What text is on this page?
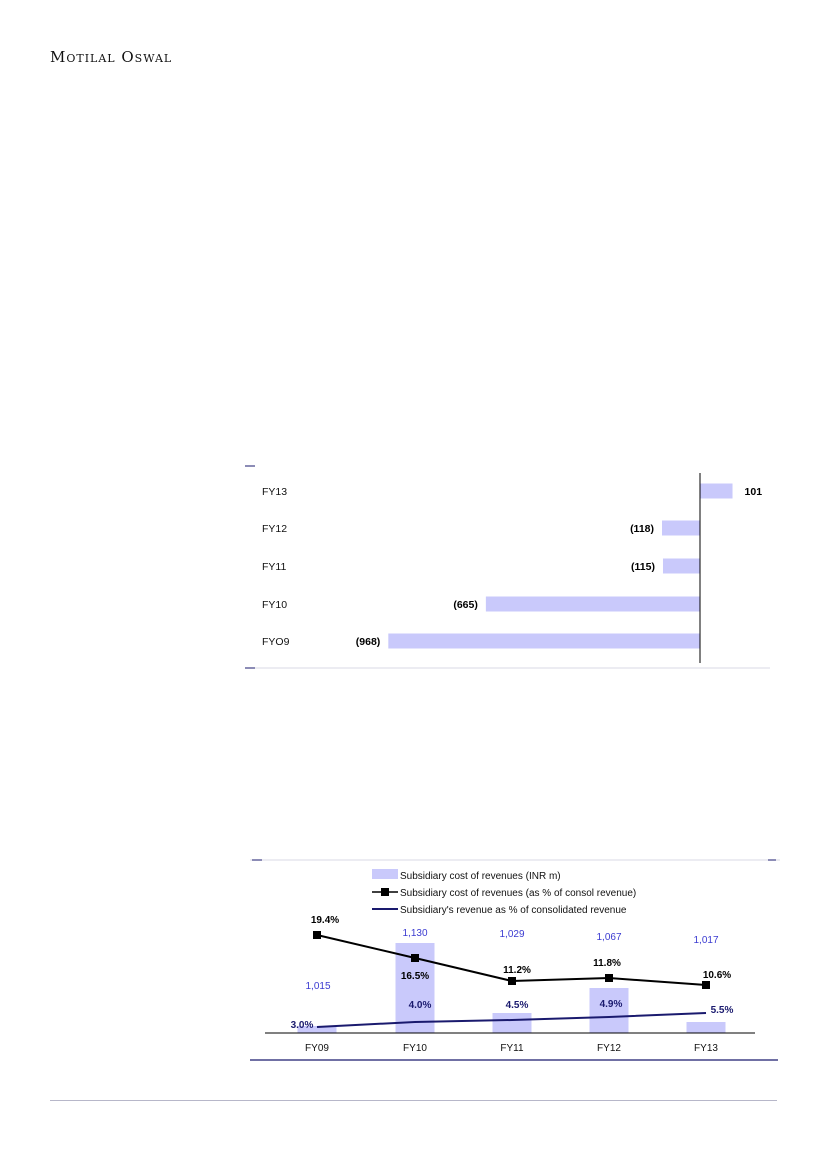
Motilal Oswal
FYO9
FY10
FY11
FY12
FY13
(968)
(665)
(115)
(118)
101
Subsidiary cost of revenues (INR m)
Subsidiary cost of revenues (as % of consol revenue)
Subsidiary's revenue as % of consolidated revenue
1,015
1,130	1,029	1,067	1,017
19.4%
16.5%
11.2%
11.8%
10.6%
3.0%
4.0%	4.5%	4.9%
5.5%
FY09	FY10	FY11	FY12	FY13
